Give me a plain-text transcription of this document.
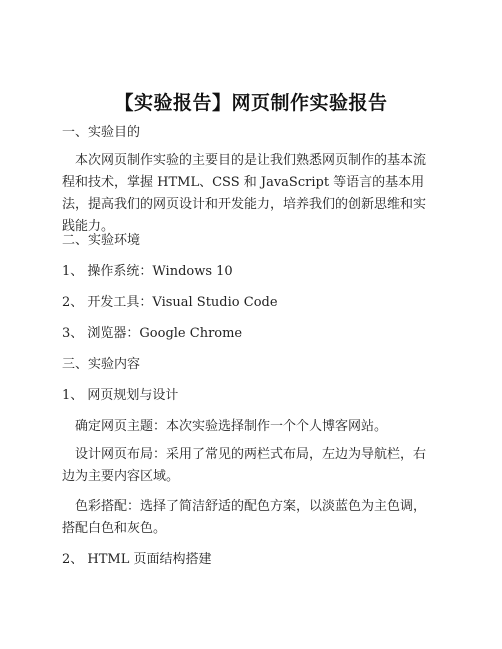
【实验报告】网页制作实验报告
一、实验目的
本次网页制作实验的主要目的是让我们熟悉网页制作的基本流程和技术，掌握 HTML、CSS 和 JavaScript 等语言的基本用法，提高我们的网页设计和开发能力，培养我们的创新思维和实践能力。
二、实验环境
1、 操作系统：Windows 10
2、 开发工具：Visual Studio Code
3、 浏览器：Google Chrome
三、实验内容
1、 网页规划与设计
确定网页主题：本次实验选择制作一个个人博客网站。
设计网页布局：采用了常见的两栏式布局，左边为导航栏，右边为主要内容区域。
色彩搭配：选择了简洁舒适的配色方案，以淡蓝色为主色调，搭配白色和灰色。
2、 HTML 页面结构搭建
